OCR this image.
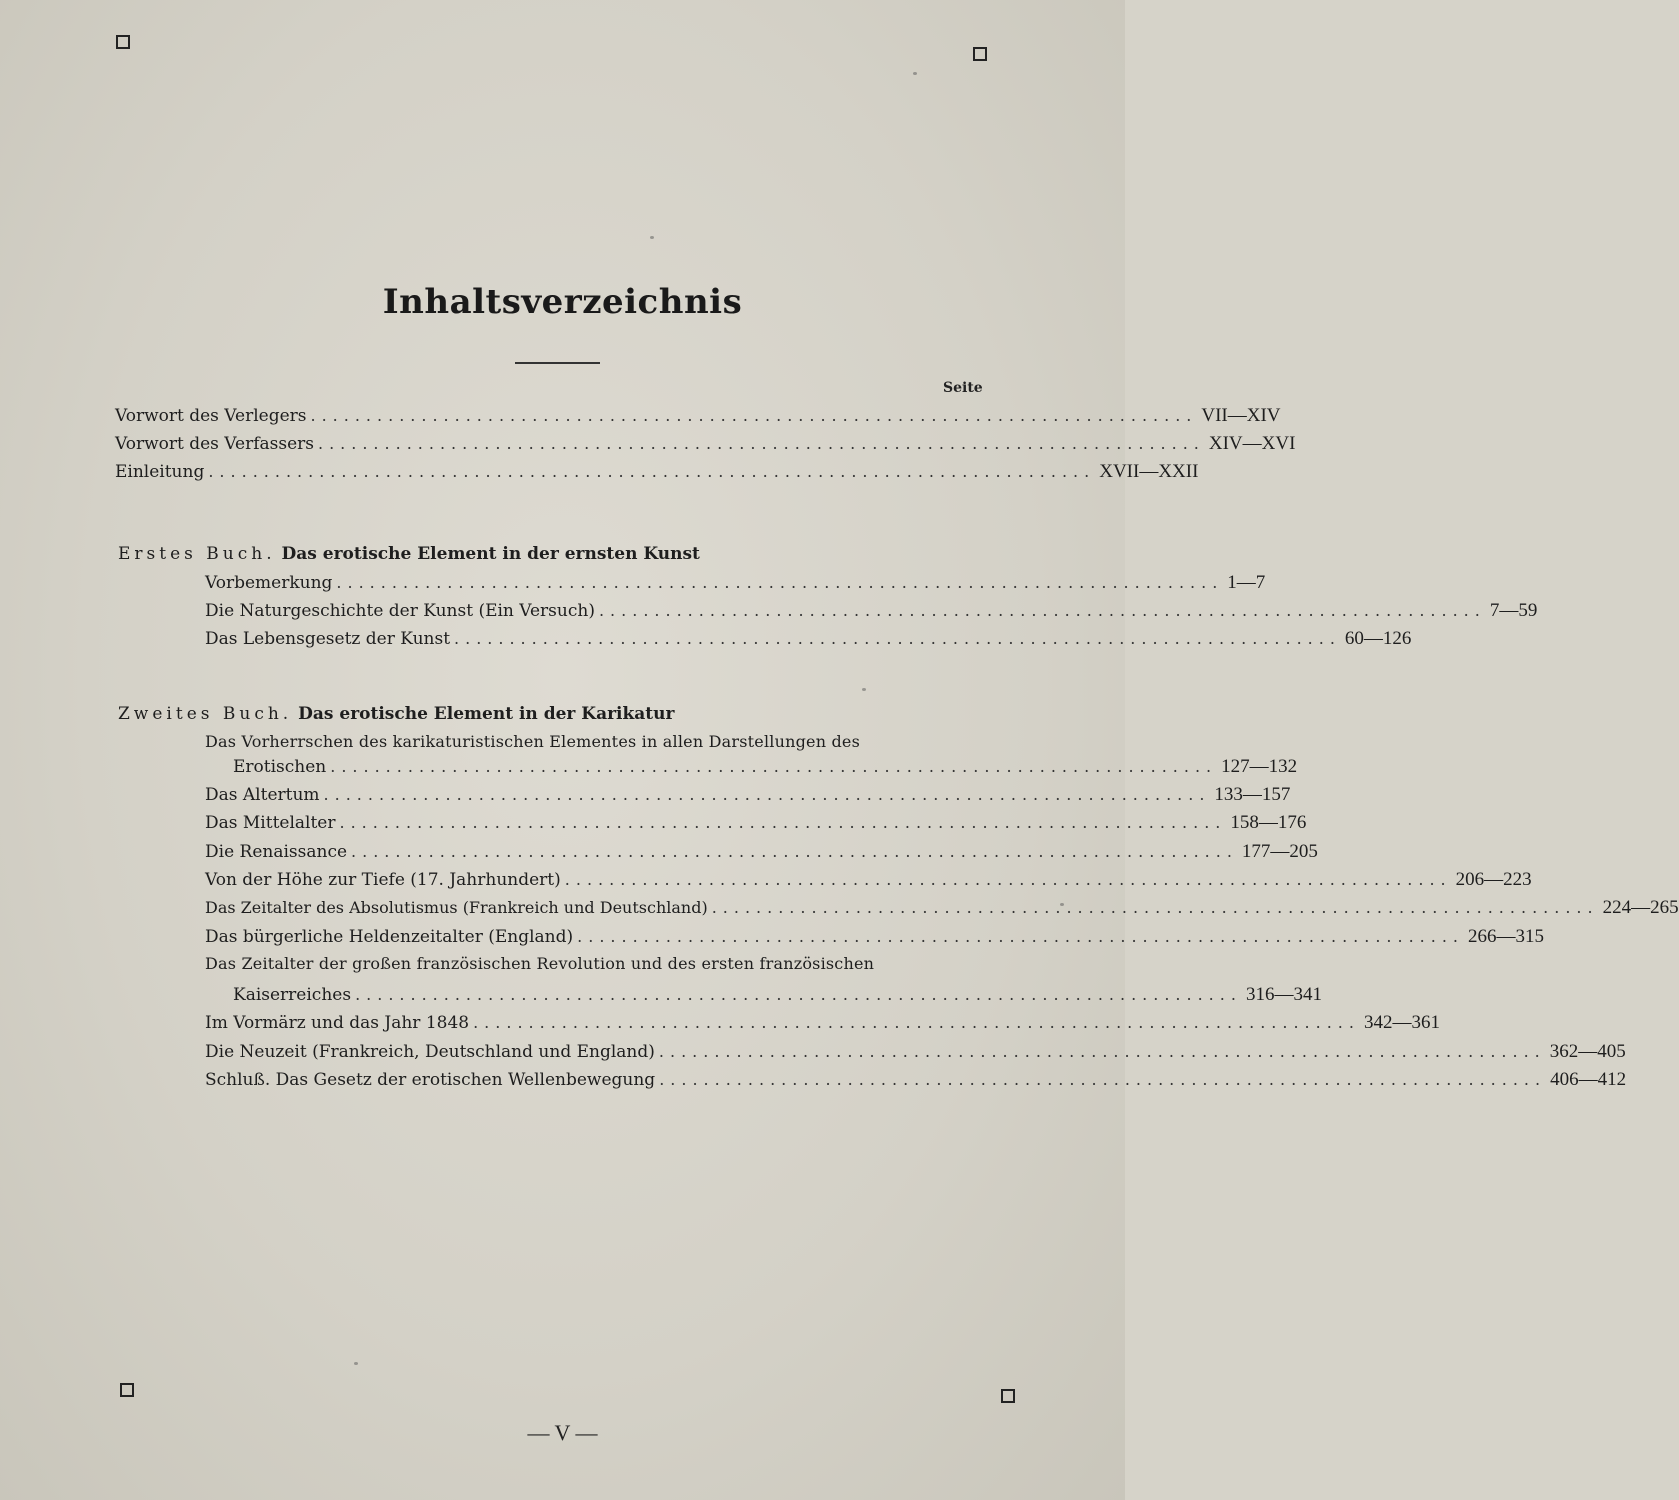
Inhaltsverzeichnis
Seite
Vorwort des Verlegers ................................................................................ VII—XIV
Vorwort des Verfassers ................................................................................ XIV—XVI
Einleitung ................................................................................ XVII—XXII
Erstes Buch. Das erotische Element in der ernsten Kunst
Vorbemerkung ................................................................................ 1—7
Die Naturgeschichte der Kunst (Ein Versuch) ................................................................................ 7—59
Das Lebensgesetz der Kunst ................................................................................ 60—126
Zweites Buch. Das erotische Element in der Karikatur
Das Vorherrschen des karikaturistischen Elementes in allen Darstellungen des
Erotischen ................................................................................ 127—132
Das Altertum ................................................................................ 133—157
Das Mittelalter ................................................................................ 158—176
Die Renaissance ................................................................................ 177—205
Von der Höhe zur Tiefe (17. Jahrhundert) ................................................................................ 206—223
Das Zeitalter des Absolutismus (Frankreich und Deutschland) ................................................................................ 224—265
Das bürgerliche Heldenzeitalter (England) ................................................................................ 266—315
Das Zeitalter der großen französischen Revolution und des ersten französischen
Kaiserreiches ................................................................................ 316—341
Im Vormärz und das Jahr 1848 ................................................................................ 342—361
Die Neuzeit (Frankreich, Deutschland und England) ................................................................................ 362—405
Schluß. Das Gesetz der erotischen Wellenbewegung ................................................................................ 406—412
— V —
